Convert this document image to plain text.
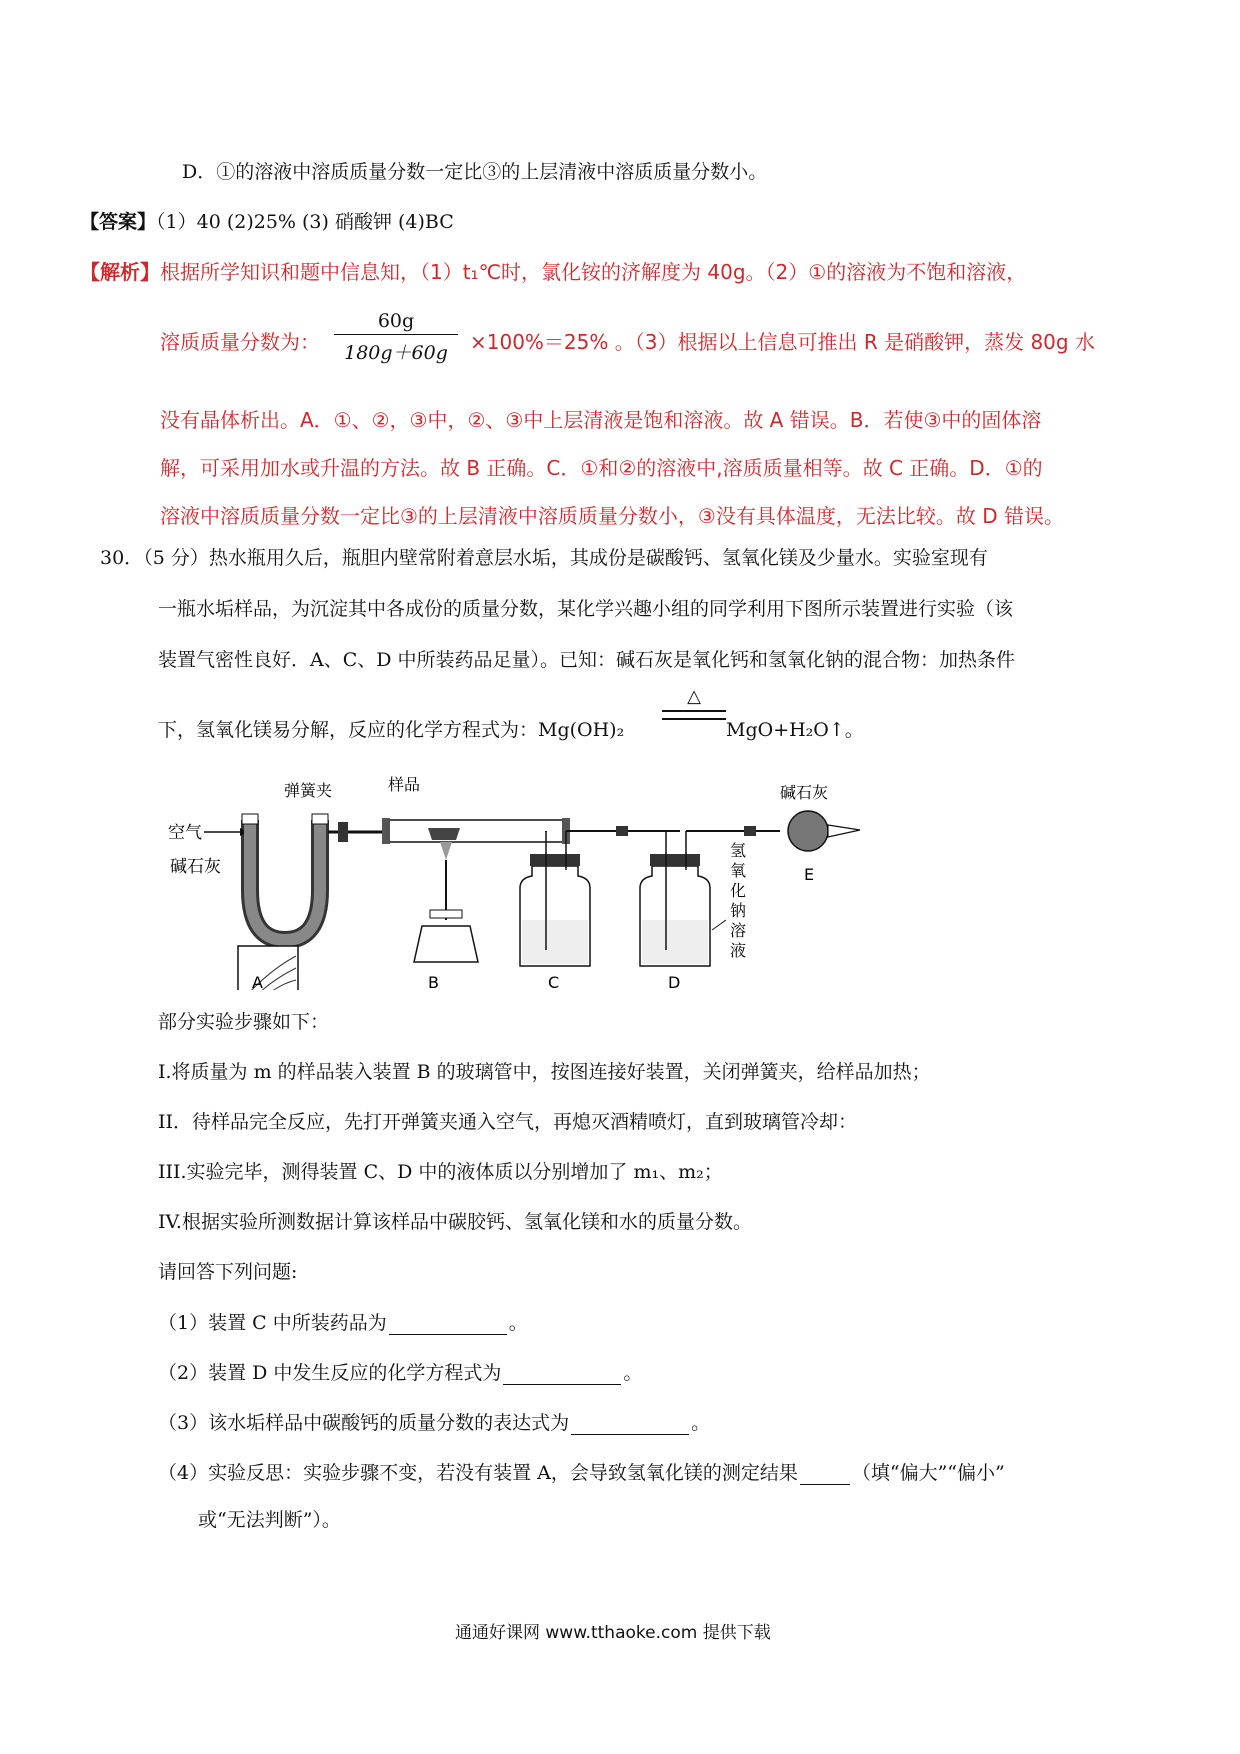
D．①的溶液中溶质质量分数一定比③的上层清液中溶质质量分数小。
【答案】（1）40 (2)25% (3) 硝酸钾 (4)BC
【解析】根据所学知识和题中信息知，（1）t₁℃时，氯化铵的济解度为 40g。（2）①的溶液为不饱和溶液，
溶质质量分数为：
60g
180g＋60g	×100%＝25% 。（3）根据以上信息可推出 R 是硝酸钾，蒸发 80g 水
没有晶体析出。A．①、②，③中，②、③中上层清液是饱和溶液。故 A 错误。B．若使③中的固体溶
解，可采用加水或升温的方法。故 B 正确。C．①和②的溶液中,溶质质量相等。故 C 正确。D．①的
溶液中溶质质量分数一定比③的上层清液中溶质质量分数小，③没有具体温度，无法比较。故 D 错误。
30．（5 分）热水瓶用久后，瓶胆内壁常附着意层水垢，其成份是碳酸钙、氢氧化镁及少量水。实验室现有
一瓶水垢样品，为沉淀其中各成份的质量分数，某化学兴趣小组的同学利用下图所示装置进行实验（该
装置气密性良好．A、C、D 中所装药品足量）。已知：碱石灰是氧化钙和氢氧化钠的混合物：加热条件
下，氢氧化镁易分解，反应的化学方程式为：Mg(OH)₂
△
MgO+H₂O↑。
空气
碱石灰
弹簧夹	样品
B	C	D
氢
氧
化
钠
溶
液
E
碱石灰
A
部分实验步骤如下：
I.将质量为 m 的样品装入装置 B 的玻璃管中，按图连接好装置，关闭弹簧夹，给样品加热；
II．待样品完全反应，先打开弹簧夹通入空气，再熄灭酒精喷灯，直到玻璃管冷却：
III.实验完毕，测得装置 C、D 中的液体质以分别增加了 m₁、m₂；
IV.根据实验所测数据计算该样品中碳胶钙、氢氧化镁和水的质量分数。
请回答下列问题:
（1）装置 C 中所装药品为	。
（2）装置 D 中发生反应的化学方程式为	。
（3）该水垢样品中碳酸钙的质量分数的表达式为	。
（4）实验反思：实验步骤不变，若没有装置 A，会导致氢氧化镁的测定结果	（填“偏大”“偏小”
或“无法判断”）。
通通好课网 www.tthaoke.com 提供下载
